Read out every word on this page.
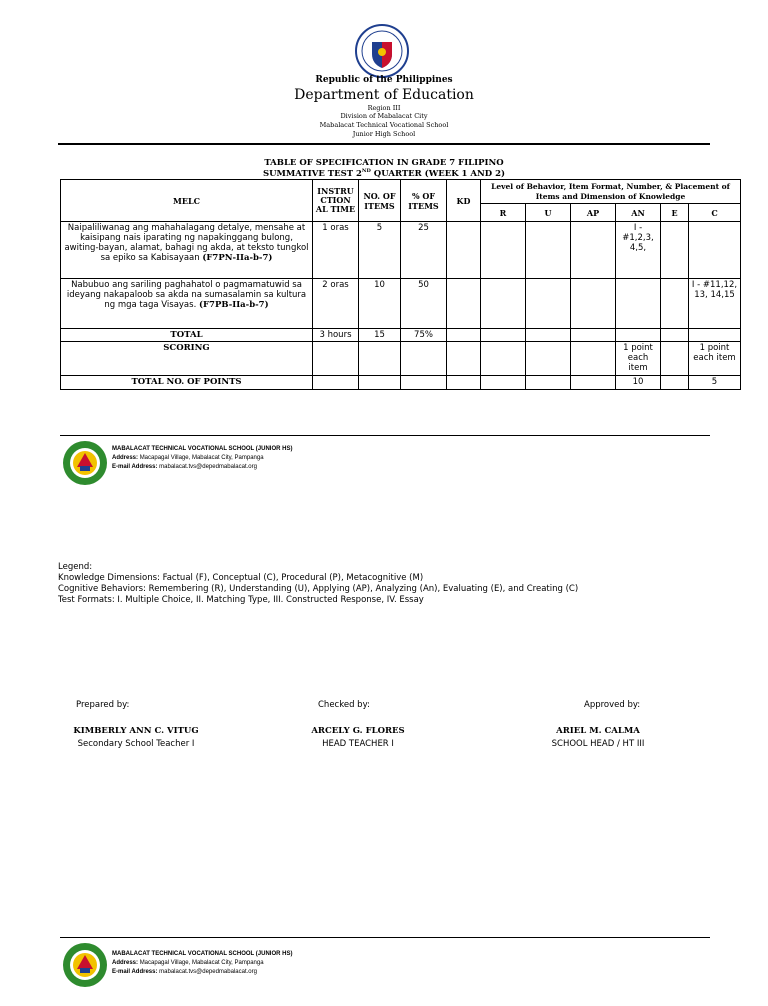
Republic of the Philippines
Department of Education
Region III
Division of Mabalacat City
Mabalacat Technical Vocational School
Junior High School
TABLE OF SPECIFICATION IN GRADE 7 FILIPINO
SUMMATIVE TEST 2ND QUARTER (WEEK 1 AND 2)
MELC	INSTRU CTION AL TIME	NO. OF ITEMS	% OF ITEMS	KD	Level of Behavior, Item Format, Number, & Placement of Items and Dimension of Knowledge					
					R	U	AP	AN	E	C
Naipaliliwanag ang mahahalagang detalye, mensahe at kaisipang nais iparating ng napakinggang bulong, awiting-bayan, alamat, bahagi ng akda, at teksto tungkol sa epiko sa Kabisayaan (F7PN-IIa-b-7)	1 oras	5	25					I - #1,2,3, 4,5,		
Nabubuo ang sariling paghahatol o pagmamatuwid sa ideyang nakapaloob sa akda na sumasalamin sa kultura ng mga taga Visayas. (F7PB-IIa-b-7)	2 oras	10	50							I - #11,12, 13, 14,15
TOTAL	3 hours	15	75%							
SCORING								1 point each item		1 point each item
TOTAL NO. OF POINTS								10		5
MABALACAT TECHNICAL VOCATIONAL SCHOOL (JUNIOR HS)
Address: Macapagal Village, Mabalacat City, Pampanga
E-mail Address: mabalacat.tvs@depedmabalacat.org
Legend:
Knowledge Dimensions: Factual (F), Conceptual (C), Procedural (P), Metacognitive (M)
Cognitive Behaviors: Remembering (R), Understanding (U), Applying (AP), Analyzing (An), Evaluating (E), and Creating (C)
Test Formats: I. Multiple Choice, II. Matching Type, III. Constructed Response, IV. Essay
Prepared by:	Checked by:	Approved by:
KIMBERLY ANN C. VITUG
Secondary School Teacher I
ARCELY G. FLORES
HEAD TEACHER I
ARIEL M. CALMA
SCHOOL HEAD / HT III
MABALACAT TECHNICAL VOCATIONAL SCHOOL (JUNIOR HS)
Address: Macapagal Village, Mabalacat City, Pampanga
E-mail Address: mabalacat.tvs@depedmabalacat.org
